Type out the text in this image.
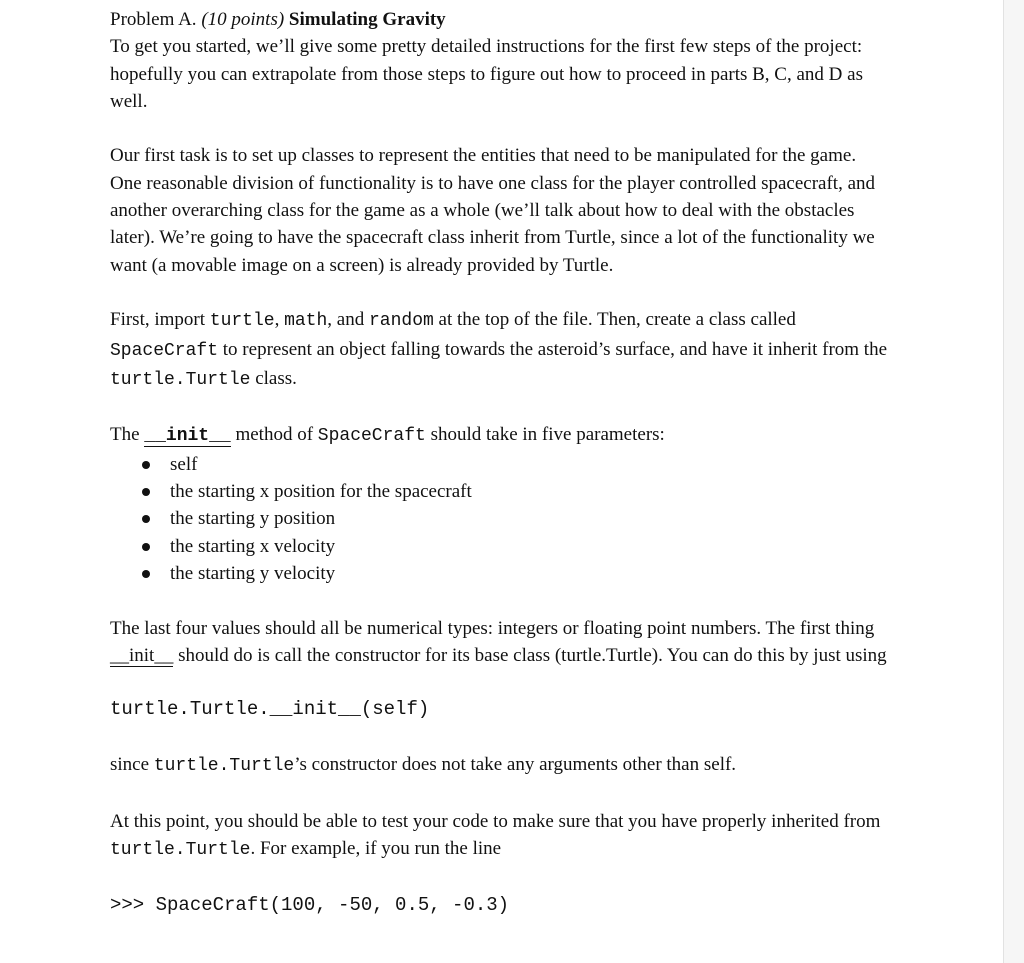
Problem A. (10 points) Simulating Gravity

To get you started, we’ll give some pretty detailed instructions for the first few steps of the project: hopefully you can extrapolate from those steps to figure out how to proceed in parts B, C, and D as well.

Our first task is to set up classes to represent the entities that need to be manipulated for the game. One reasonable division of functionality is to have one class for the player controlled spacecraft, and another overarching class for the game as a whole (we’ll talk about how to deal with the obstacles later). We’re going to have the spacecraft class inherit from Turtle, since a lot of the functionality we want (a movable image on a screen) is already provided by Turtle.

First, import turtle, math, and random at the top of the file. Then, create a class called SpaceCraft to represent an object falling towards the asteroid’s surface, and have it inherit from the turtle.Turtle class.

The __init__ method of SpaceCraft should take in five parameters:

self
the starting x position for the spacecraft
the starting y position
the starting x velocity
the starting y velocity

The last four values should all be numerical types: integers or floating point numbers. The first thing __init__ should do is call the constructor for its base class (turtle.Turtle). You can do this by just using

turtle.Turtle.__init__(self)

since turtle.Turtle’s constructor does not take any arguments other than self.

At this point, you should be able to test your code to make sure that you have properly inherited from turtle.Turtle. For example, if you run the line

>>> SpaceCraft(100, -50, 0.5, -0.3)
